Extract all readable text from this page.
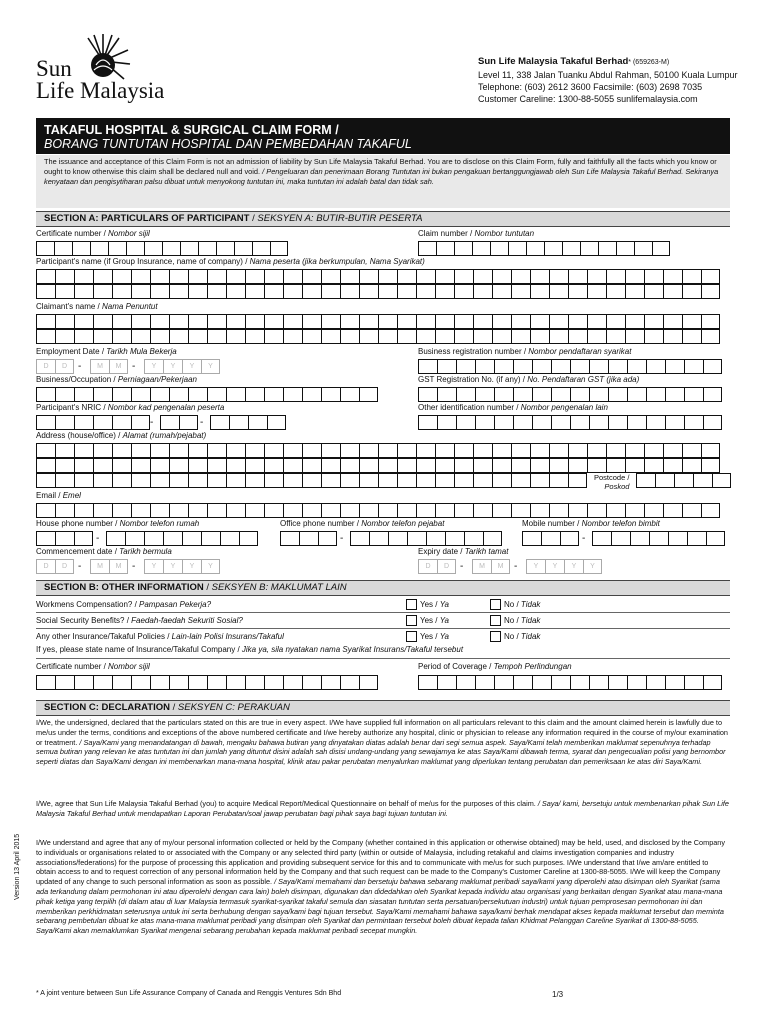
Sun
Life Malaysia
Sun Life Malaysia Takaful Berhad* (659263-M)
Level 11, 338 Jalan Tuanku Abdul Rahman, 50100 Kuala Lumpur
Telephone: (603) 2612 3600 Facsimile: (603) 2698 7035
Customer Careline: 1300-88-5055 sunlifemalaysia.com
TAKAFUL HOSPITAL & SURGICAL CLAIM FORM /
BORANG TUNTUTAN HOSPITAL DAN PEMBEDAHAN TAKAFUL
The issuance and acceptance of this Claim Form is not an admission of liability by Sun Life Malaysia Takaful Berhad. You are to disclose on this Claim Form, fully and faithfully all the facts which you know or ought to know otherwise this claim shall be declared null and void. / Pengeluaran dan penerimaan Borang Tuntutan ini bukan pengakuan bertanggungjawab oleh Sun Life Malaysia Takaful Berhad. Sekiranya kenyataan dan pengisytiharan palsu dibuat untuk menyokong tuntutan ini, maka tuntutan ini adalah batal dan tidak sah.
SECTION A: PARTICULARS OF PARTICIPANT / SEKSYEN A: BUTIR-BUTIR PESERTA
Certificate number / Nombor sijil	Claim number / Nombor tuntutan
Participant's name (if Group Insurance, name of company) / Nama peserta (jika berkumpulan, Nama Syarikat)
Claimant's name / Nama Penuntut
Employment Date / Tarikh Mula Bekerja
D	D	-	M	M	-	Y	Y	Y	Y
Business registration number / Nombor pendaftaran syarikat
Business/Occupation / Perniagaan/Pekerjaan	GST Registration No. (if any) / No. Pendaftaran GST (jika ada)
Participant's NRIC / Nombor kad pengenalan peserta
-	-
Other identification number / Nombor pengenalan lain
Address (house/office) / Alamat (rumah/pejabat)
Postcode /
Poskod
Email / Emel
House phone number / Nombor telefon rumah
-
Office phone number / Nombor telefon pejabat
-
Mobile number / Nombor telefon bimbit
-
Commencement date / Tarikh bermula
D	D	-	M	M	-	Y	Y	Y	Y
Expiry date / Tarikh tamat
D	D	-	M	M	-	Y	Y	Y	Y
SECTION B: OTHER INFORMATION / SEKSYEN B: MAKLUMAT LAIN
Workmens Compensation? / Pampasan Pekerja?	Yes / Ya	No / Tidak
Social Security Benefits? / Faedah-faedah Sekuriti Sosial?	Yes / Ya	No / Tidak
Any other Insurance/Takaful Policies / Lain-lain Polisi Insurans/Takaful	Yes / Ya	No / Tidak
If yes, please state name of Insurance/Takaful Company / Jika ya, sila nyatakan nama Syarikat Insurans/Takaful tersebut
Certificate number / Nombor sijil	Period of Coverage / Tempoh Perlindungan
SECTION C: DECLARATION / SEKSYEN C: PERAKUAN
I/We, the undersigned, declared that the particulars stated on this are true in every aspect. I/We have supplied full information on all particulars relevant to this claim and the amount claimed herein is lawfully due to me/us under the terms, conditions and exceptions of the above numbered certificate and I/we hereby authorize any hospital, clinic or physician to release any information required in the course of my/our examination or treatment. / Saya/Kami yang menandatangan di bawah, mengaku bahawa butiran yang dinyatakan diatas adalah benar dari segi semua aspek. Saya/Kami telah memberikan maklumat sepenuhnya terhadap semua butiran yang relevan ke atas tuntutan ini dan jumlah yang dituntut disini adalah sah disisi undang-undang yang sewajarnya ke atas Saya/Kami dibawah terma, syarat dan pengecualian polisi yang bernombor seperti diatas dan Saya/Kami dengan ini membenarkan mana-mana hospital, klinik atau pakar perubatan menyalurkan maklumat yang diperlukan tentang perubatan dan pemeriksaan ke atas diri Saya/Kami.
I/We, agree that Sun Life Malaysia Takaful Berhad (you) to acquire Medical Report/Medical Questionnaire on behalf of me/us for the purposes of this claim. / Saya/ kami, bersetuju untuk membenarkan pihak Sun Life Malaysia Takaful Berhad untuk mendapatkan Laporan Perubatan/soal jawap perubatan bagi pihak saya bagi tujuan tuntutan ini.
I/We understand and agree that any of my/our personal information collected or held by the Company (whether contained in this application or otherwise obtained) may be held, used, and disclosed by the Company to individuals or organisations related to or associated with the Company or any selected third party (within or outside of Malaysia, including retakaful and claims investigation companies and industry associations/federations) for the purpose of processing this application and providing subsequent service for this and to communicate with me/us for such purposes. I/We understand that I/we am/are entitled to obtain access to and to request correction of any personal information held by the Company and that such request can be made to the Company's Customer Careline at 1300-88-5055. I/We will keep the Company updated of any change to such personal information as soon as possible. / Saya/Kami memahami dan bersetuju bahawa sebarang maklumat peribadi saya/kami yang diperolehi atau disimpan oleh Syarikat (sama ada terkandung dalam permohonan ini atau diperolehi dengan cara lain) boleh disimpan, digunakan dan didedahkan oleh Syarikat kepada individu atau organisasi yang berkaitan dengan Syarikat atau mana-mana pihak ketiga yang terpilih (di dalam atau di luar Malaysia termasuk syarikat-syarikat takaful semula dan siasatan tuntutan serta persatuan/persekutuan industri) untuk tujuan pemprosesan permohonan ini dan memberikan perkhidmatan seterusnya untuk ini serta berhubung dengan saya/kami bagi tujuan tersebut. Saya/Kami memahami bahawa saya/kami berhak mendapat akses kepada maklumat tersebut dan meminta sebarang pembetulan dibuat ke atas mana-mana maklumat peribadi yang disimpan oleh Syarikat dan permintaan tersebut boleh dibuat kepada talian Khidmat Pelanggan Careline Syarikat di 1300-88-5055. Saya/Kami akan memaklumkan Syarikat mengenai sebarang perubahan kepada maklumat peribadi secepat mungkin.
Version 13 April 2015
* A joint venture between Sun Life Assurance Company of Canada and Renggis Ventures Sdn Bhd	1/3
